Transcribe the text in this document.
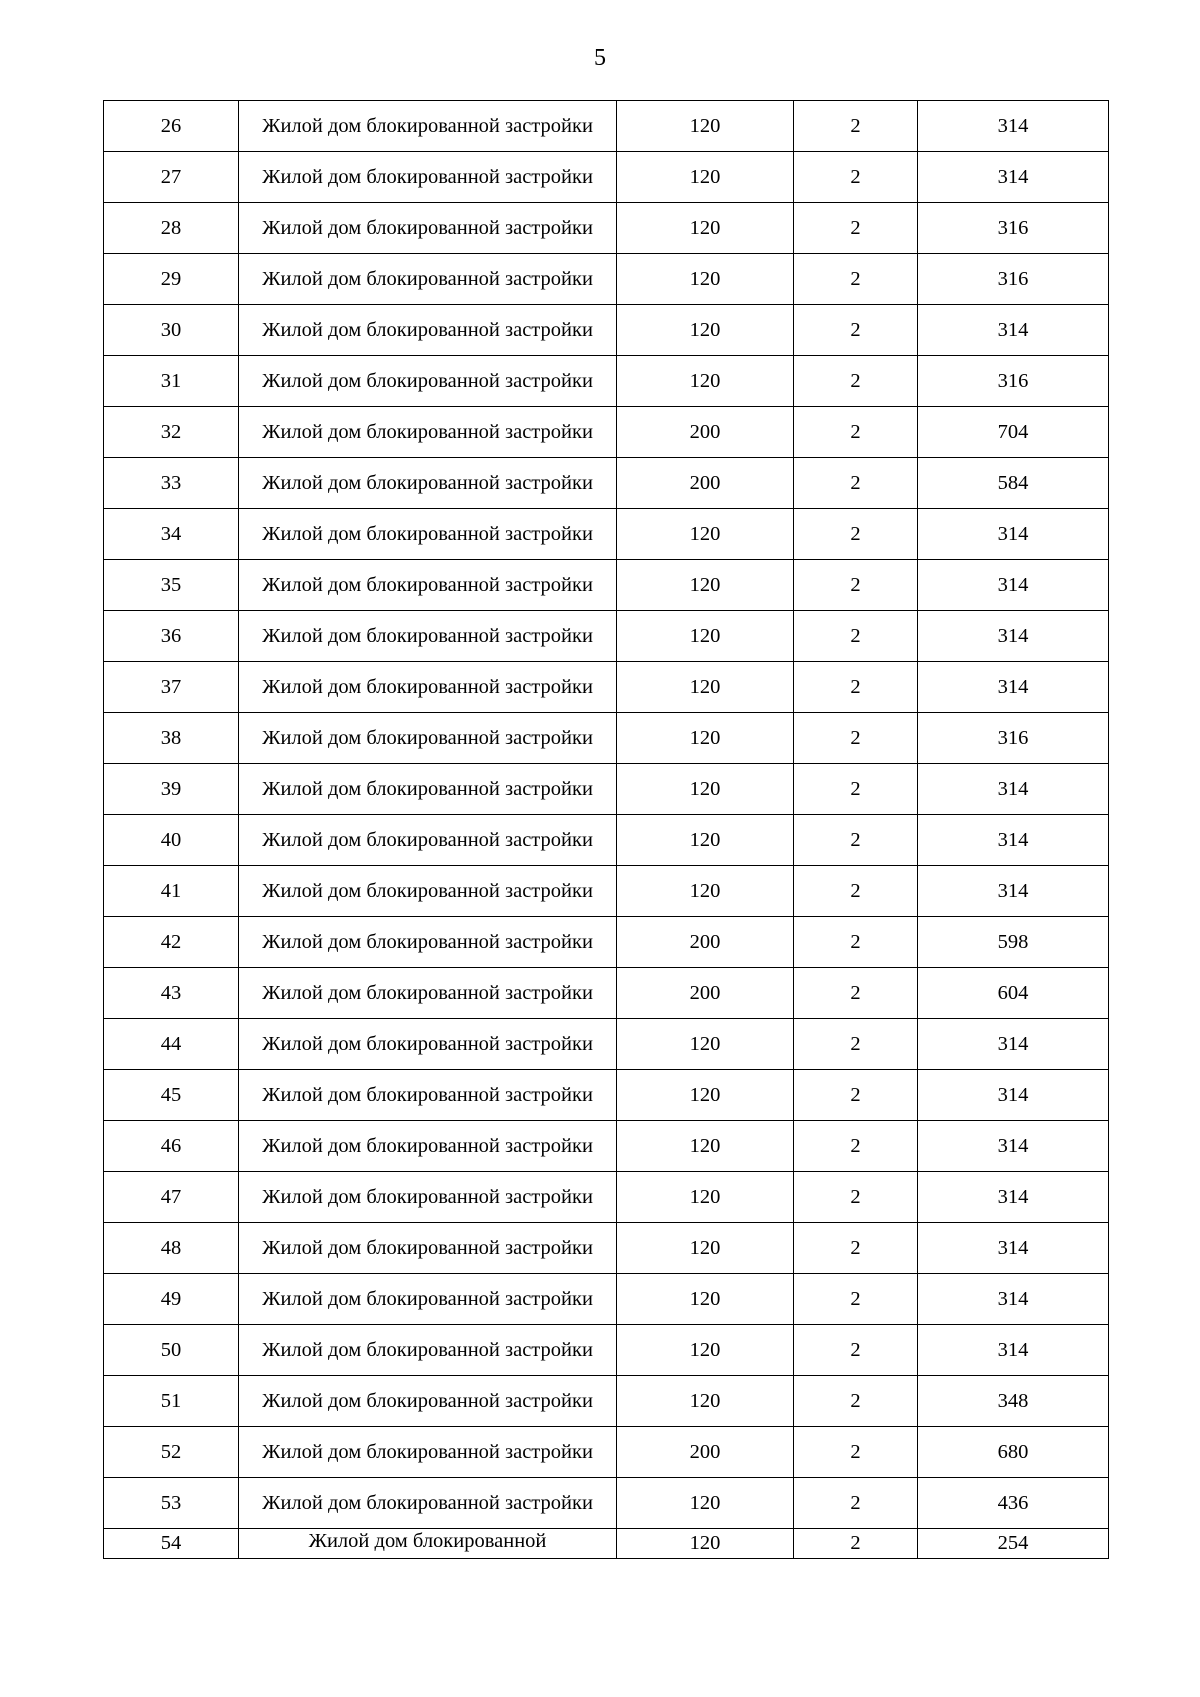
5
26	Жилой дом блокированной застройки	120	2	314
27	Жилой дом блокированной застройки	120	2	314
28	Жилой дом блокированной застройки	120	2	316
29	Жилой дом блокированной застройки	120	2	316
30	Жилой дом блокированной застройки	120	2	314
31	Жилой дом блокированной застройки	120	2	316
32	Жилой дом блокированной застройки	200	2	704
33	Жилой дом блокированной застройки	200	2	584
34	Жилой дом блокированной застройки	120	2	314
35	Жилой дом блокированной застройки	120	2	314
36	Жилой дом блокированной застройки	120	2	314
37	Жилой дом блокированной застройки	120	2	314
38	Жилой дом блокированной застройки	120	2	316
39	Жилой дом блокированной застройки	120	2	314
40	Жилой дом блокированной застройки	120	2	314
41	Жилой дом блокированной застройки	120	2	314
42	Жилой дом блокированной застройки	200	2	598
43	Жилой дом блокированной застройки	200	2	604
44	Жилой дом блокированной застройки	120	2	314
45	Жилой дом блокированной застройки	120	2	314
46	Жилой дом блокированной застройки	120	2	314
47	Жилой дом блокированной застройки	120	2	314
48	Жилой дом блокированной застройки	120	2	314
49	Жилой дом блокированной застройки	120	2	314
50	Жилой дом блокированной застройки	120	2	314
51	Жилой дом блокированной застройки	120	2	348
52	Жилой дом блокированной застройки	200	2	680
53	Жилой дом блокированной застройки	120	2	436
54	Жилой дом блокированной	120	2	254
